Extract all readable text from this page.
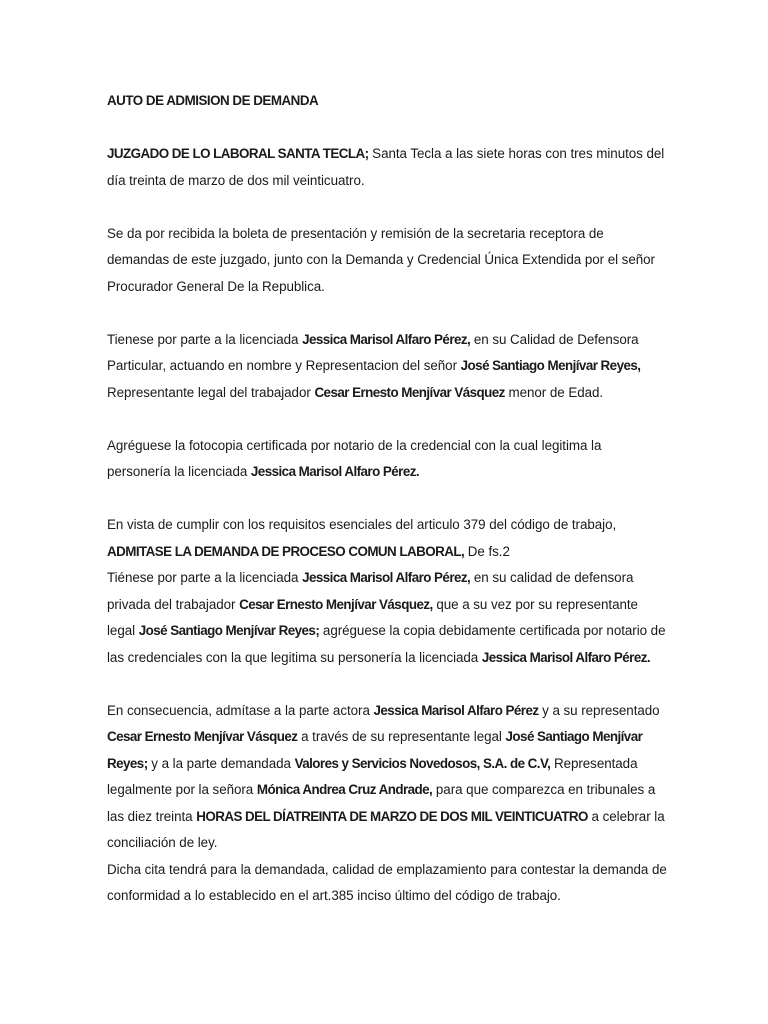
AUTO DE ADMISION DE DEMANDA

JUZGADO DE LO LABORAL SANTA TECLA; Santa Tecla a las siete horas con tres minutos del día treinta de marzo de dos mil veinticuatro.

Se da por recibida la boleta de presentación y remisión de la secretaria receptora de demandas de este juzgado, junto con la Demanda y Credencial Única Extendida por el señor Procurador General De la Republica.

Tienese por parte a la licenciada Jessica Marisol Alfaro Pérez, en su Calidad de Defensora Particular, actuando en nombre y Representacion del señor José Santiago Menjívar Reyes, Representante legal del trabajador Cesar Ernesto Menjívar Vásquez menor de Edad.

Agréguese la fotocopia certificada por notario de la credencial con la cual legitima la personería la licenciada Jessica Marisol Alfaro Pérez.

En vista de cumplir con los requisitos esenciales del articulo 379 del código de trabajo, ADMITASE LA DEMANDA DE PROCESO COMUN LABORAL, De fs.2

Tiénese por parte a la licenciada Jessica Marisol Alfaro Pérez, en su calidad de defensora privada del trabajador Cesar Ernesto Menjívar Vásquez, que a su vez por su representante legal José Santiago Menjívar Reyes; agréguese la copia debidamente certificada por notario de las credenciales con la que legitima su personería la licenciada Jessica Marisol Alfaro Pérez.

En consecuencia, admítase a la parte actora Jessica Marisol Alfaro Pérez y a su representado Cesar Ernesto Menjívar Vásquez a través de su representante legal José Santiago Menjívar Reyes; y a la parte demandada Valores y Servicios Novedosos, S.A. de C.V, Representada legalmente por la señora Mónica Andrea Cruz Andrade, para que comparezca en tribunales a las diez treinta HORAS DEL DÍATREINTA DE MARZO DE DOS MIL VEINTICUATRO a celebrar la conciliación de ley.

Dicha cita tendrá para la demandada, calidad de emplazamiento para contestar la demanda de conformidad a lo establecido en el art.385 inciso último del código de trabajo.
